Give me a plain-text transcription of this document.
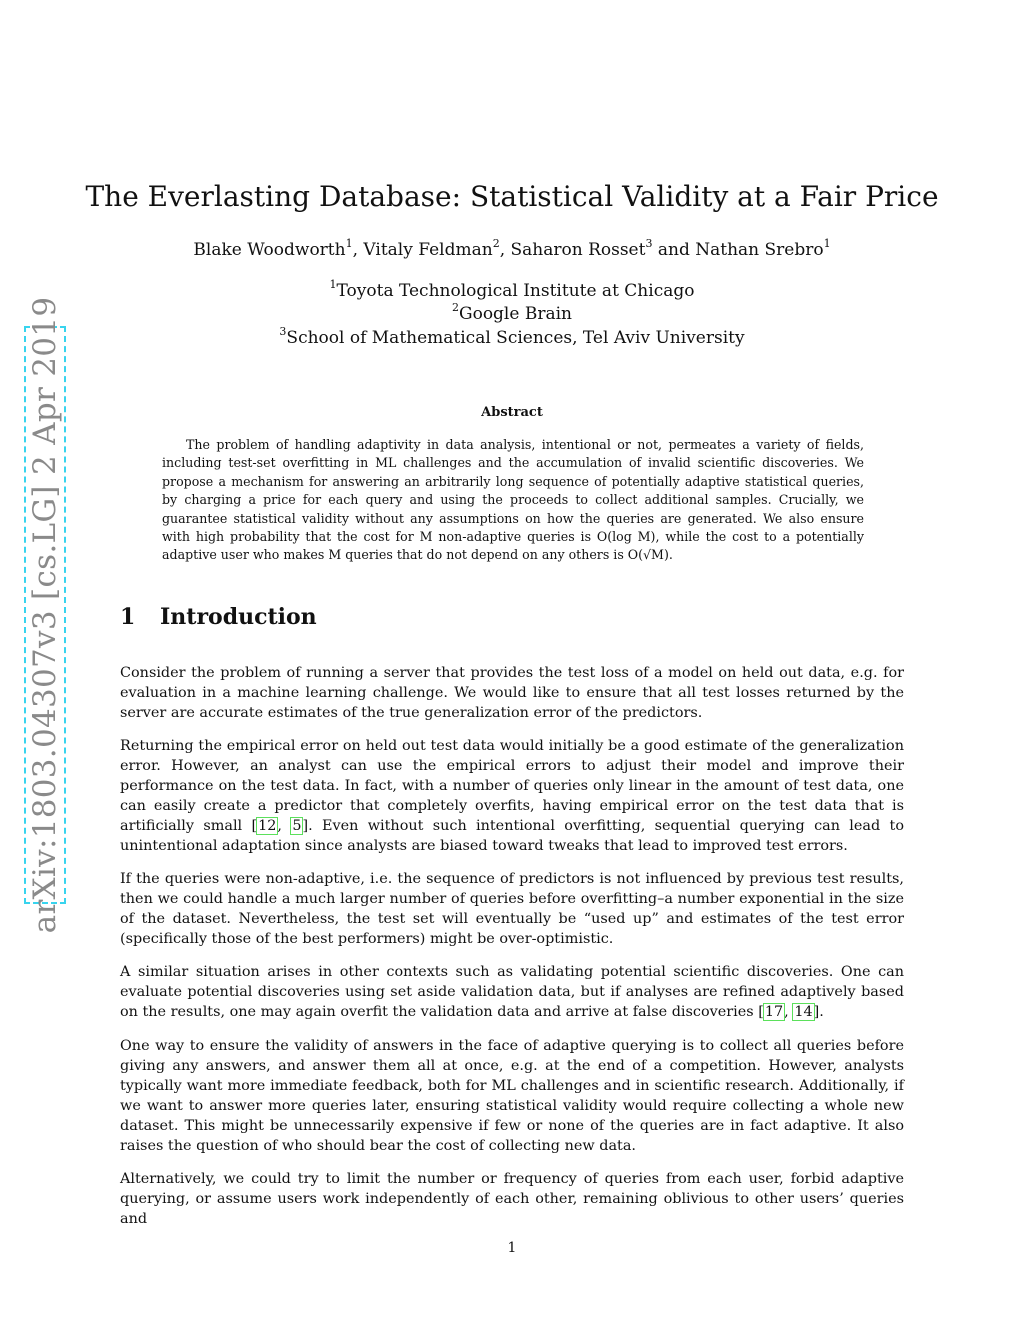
arXiv:1803.04307v3 [cs.LG] 2 Apr 2019
The Everlasting Database: Statistical Validity at a Fair Price
Blake Woodworth$^1$, Vitaly Feldman$^2$, Saharon Rosset$^3$ and Nathan Srebro$^1$
$^1$Toyota Technological Institute at Chicago
$^2$Google Brain
$^3$School of Mathematical Sciences, Tel Aviv University
Abstract
The problem of handling adaptivity in data analysis, intentional or not, permeates a variety of fields, including test-set overfitting in ML challenges and the accumulation of invalid scientific discoveries. We propose a mechanism for answering an arbitrarily long sequence of potentially adaptive statistical queries, by charging a price for each query and using the proceeds to collect additional samples. Crucially, we guarantee statistical validity without any assumptions on how the queries are generated. We also ensure with high probability that the cost for M non-adaptive queries is O(log M), while the cost to a potentially adaptive user who makes M queries that do not depend on any others is O(√M).
1 Introduction
Consider the problem of running a server that provides the test loss of a model on held out data, e.g. for evaluation in a machine learning challenge. We would like to ensure that all test losses returned by the server are accurate estimates of the true generalization error of the predictors.
Returning the empirical error on held out test data would initially be a good estimate of the generalization error. However, an analyst can use the empirical errors to adjust their model and improve their performance on the test data. In fact, with a number of queries only linear in the amount of test data, one can easily create a predictor that completely overfits, having empirical error on the test data that is artificially small [12, 5]. Even without such intentional overfitting, sequential querying can lead to unintentional adaptation since analysts are biased toward tweaks that lead to improved test errors.
If the queries were non-adaptive, i.e. the sequence of predictors is not influenced by previous test results, then we could handle a much larger number of queries before overfitting–a number exponential in the size of the dataset. Nevertheless, the test set will eventually be “used up” and estimates of the test error (specifically those of the best performers) might be over-optimistic.
A similar situation arises in other contexts such as validating potential scientific discoveries. One can evaluate potential discoveries using set aside validation data, but if analyses are refined adaptively based on the results, one may again overfit the validation data and arrive at false discoveries [17, 14].
One way to ensure the validity of answers in the face of adaptive querying is to collect all queries before giving any answers, and answer them all at once, e.g. at the end of a competition. However, analysts typically want more immediate feedback, both for ML challenges and in scientific research. Additionally, if we want to answer more queries later, ensuring statistical validity would require collecting a whole new dataset. This might be unnecessarily expensive if few or none of the queries are in fact adaptive. It also raises the question of who should bear the cost of collecting new data.
Alternatively, we could try to limit the number or frequency of queries from each user, forbid adaptive querying, or assume users work independently of each other, remaining oblivious to other users’ queries and
1
